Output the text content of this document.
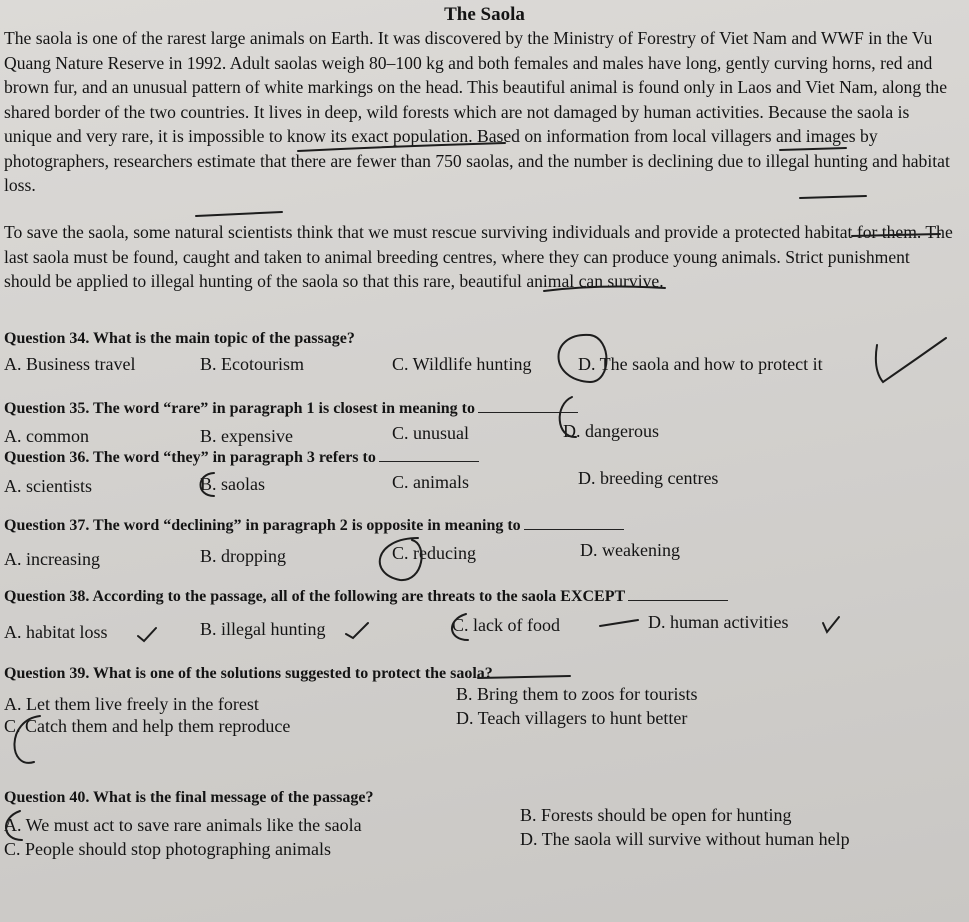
The Saola
The saola is one of the rarest large animals on Earth. It was discovered by the Ministry of Forestry of Viet Nam and WWF in the Vu Quang Nature Reserve in 1992. Adult saolas weigh 80–100 kg and both females and males have long, gently curving horns, red and brown fur, and an unusual pattern of white markings on the head. This beautiful animal is found only in Laos and Viet Nam, along the shared border of the two countries. It lives in deep, wild forests which are not damaged by human activities. Because the saola is unique and very rare, it is impossible to know its exact population. Based on information from local villagers and images by photographers, researchers estimate that there are fewer than 750 saolas, and the number is declining due to illegal hunting and habitat loss.
To save the saola, some natural scientists think that we must rescue surviving individuals and provide a protected habitat for them. The last saola must be found, caught and taken to animal breeding centres, where they can produce young animals. Strict punishment should be applied to illegal hunting of the saola so that this rare, beautiful animal can survive.
Question 34. What is the main topic of the passage?
A. Business travel	B. Ecotourism	C. Wildlife hunting	D. The saola and how to protect it
Question 35. The word “rare” in paragraph 1 is closest in meaning to
A. common	B. expensive	C. unusual	D. dangerous
Question 36. The word “they” in paragraph 3 refers to
A. scientists	B. saolas	C. animals	D. breeding centres
Question 37. The word “declining” in paragraph 2 is opposite in meaning to
A. increasing	B. dropping	C. reducing	D. weakening
Question 38. According to the passage, all of the following are threats to the saola EXCEPT
A. habitat loss	B. illegal hunting	C. lack of food	D. human activities
Question 39. What is one of the solutions suggested to protect the saola?
A. Let them live freely in the forest	B. Bring them to zoos for tourists
C. Catch them and help them reproduce	D. Teach villagers to hunt better
Question 40. What is the final message of the passage?
A. We must act to save rare animals like the saola	B. Forests should be open for hunting
C. People should stop photographing animals	D. The saola will survive without human help
